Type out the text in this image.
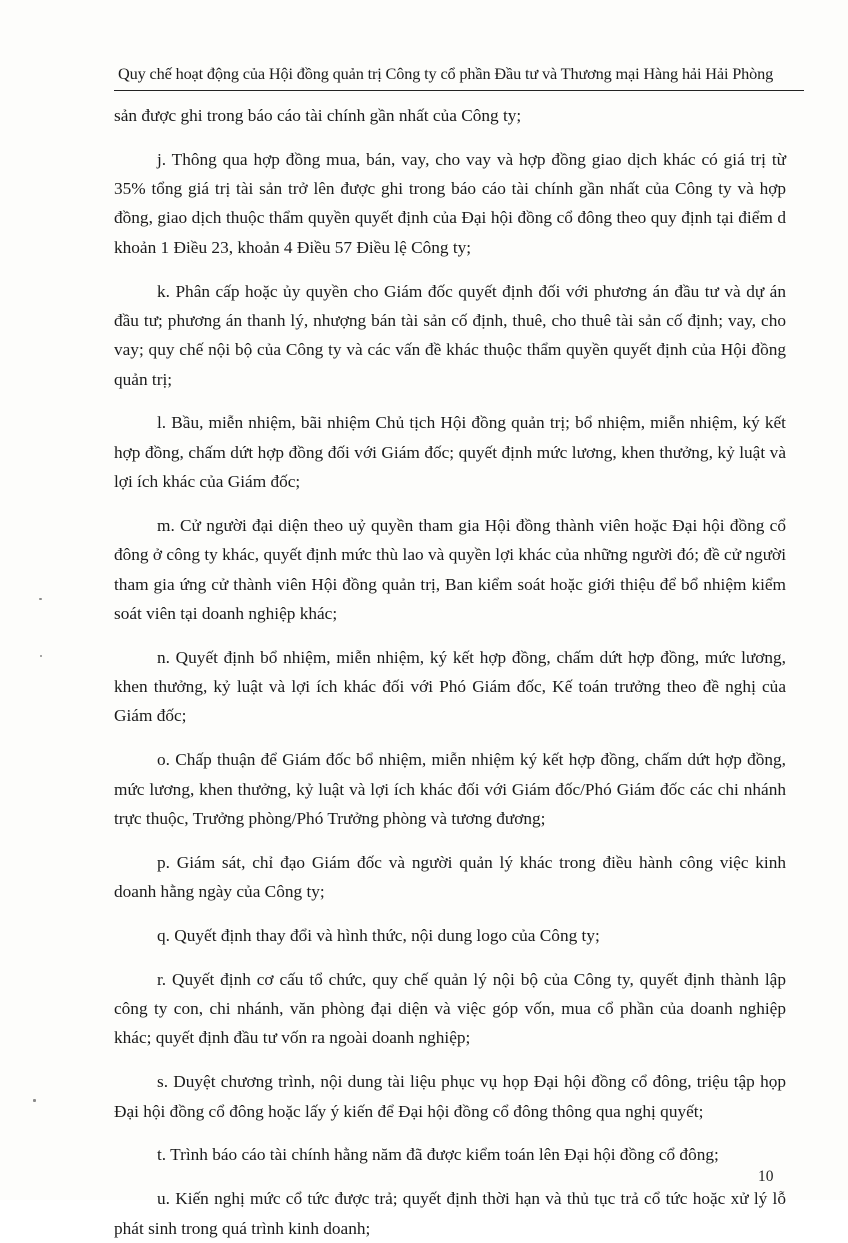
Quy chế hoạt động của Hội đồng quản trị Công ty cổ phần Đầu tư và Thương mại Hàng hải Hải Phòng

sản được ghi trong báo cáo tài chính gần nhất của Công ty;

j. Thông qua hợp đồng mua, bán, vay, cho vay và hợp đồng giao dịch khác có giá trị từ 35% tổng giá trị tài sản trở lên được ghi trong báo cáo tài chính gần nhất của Công ty và hợp đồng, giao dịch thuộc thẩm quyền quyết định của Đại hội đồng cổ đông theo quy định tại điểm d khoản 1 Điều 23, khoản 4 Điều 57 Điều lệ Công ty;

k. Phân cấp hoặc ủy quyền cho Giám đốc quyết định đối với phương án đầu tư và dự án đầu tư; phương án thanh lý, nhượng bán tài sản cố định, thuê, cho thuê tài sản cố định; vay, cho vay; quy chế nội bộ của Công ty và các vấn đề khác thuộc thẩm quyền quyết định của Hội đồng quản trị;

l. Bầu, miễn nhiệm, bãi nhiệm Chủ tịch Hội đồng quản trị; bổ nhiệm, miễn nhiệm, ký kết hợp đồng, chấm dứt hợp đồng đối với Giám đốc; quyết định mức lương, khen thưởng, kỷ luật và lợi ích khác của Giám đốc;

m. Cử người đại diện theo uỷ quyền tham gia Hội đồng thành viên hoặc Đại hội đồng cổ đông ở công ty khác, quyết định mức thù lao và quyền lợi khác của những người đó; đề cử người tham gia ứng cử thành viên Hội đồng quản trị, Ban kiểm soát hoặc giới thiệu để bổ nhiệm kiểm soát viên tại doanh nghiệp khác;

n. Quyết định bổ nhiệm, miễn nhiệm, ký kết hợp đồng, chấm dứt hợp đồng, mức lương, khen thưởng, kỷ luật và lợi ích khác đối với Phó Giám đốc, Kế toán trưởng theo đề nghị của Giám đốc;

o. Chấp thuận để Giám đốc bổ nhiệm, miễn nhiệm ký kết hợp đồng, chấm dứt hợp đồng, mức lương, khen thưởng, kỷ luật và lợi ích khác đối với Giám đốc/Phó Giám đốc các chi nhánh trực thuộc, Trưởng phòng/Phó Trưởng phòng và tương đương;

p. Giám sát, chỉ đạo Giám đốc và người quản lý khác trong điều hành công việc kinh doanh hằng ngày của Công ty;

q. Quyết định thay đổi và hình thức, nội dung logo của Công ty;

r. Quyết định cơ cấu tổ chức, quy chế quản lý nội bộ của Công ty, quyết định thành lập công ty con, chi nhánh, văn phòng đại diện và việc góp vốn, mua cổ phần của doanh nghiệp khác; quyết định đầu tư vốn ra ngoài doanh nghiệp;

s. Duyệt chương trình, nội dung tài liệu phục vụ họp Đại hội đồng cổ đông, triệu tập họp Đại hội đồng cổ đông hoặc lấy ý kiến để Đại hội đồng cổ đông thông qua nghị quyết;

t. Trình báo cáo tài chính hằng năm đã được kiểm toán lên Đại hội đồng cổ đông;

u. Kiến nghị mức cổ tức được trả; quyết định thời hạn và thủ tục trả cổ tức hoặc xử lý lỗ phát sinh trong quá trình kinh doanh;

10
